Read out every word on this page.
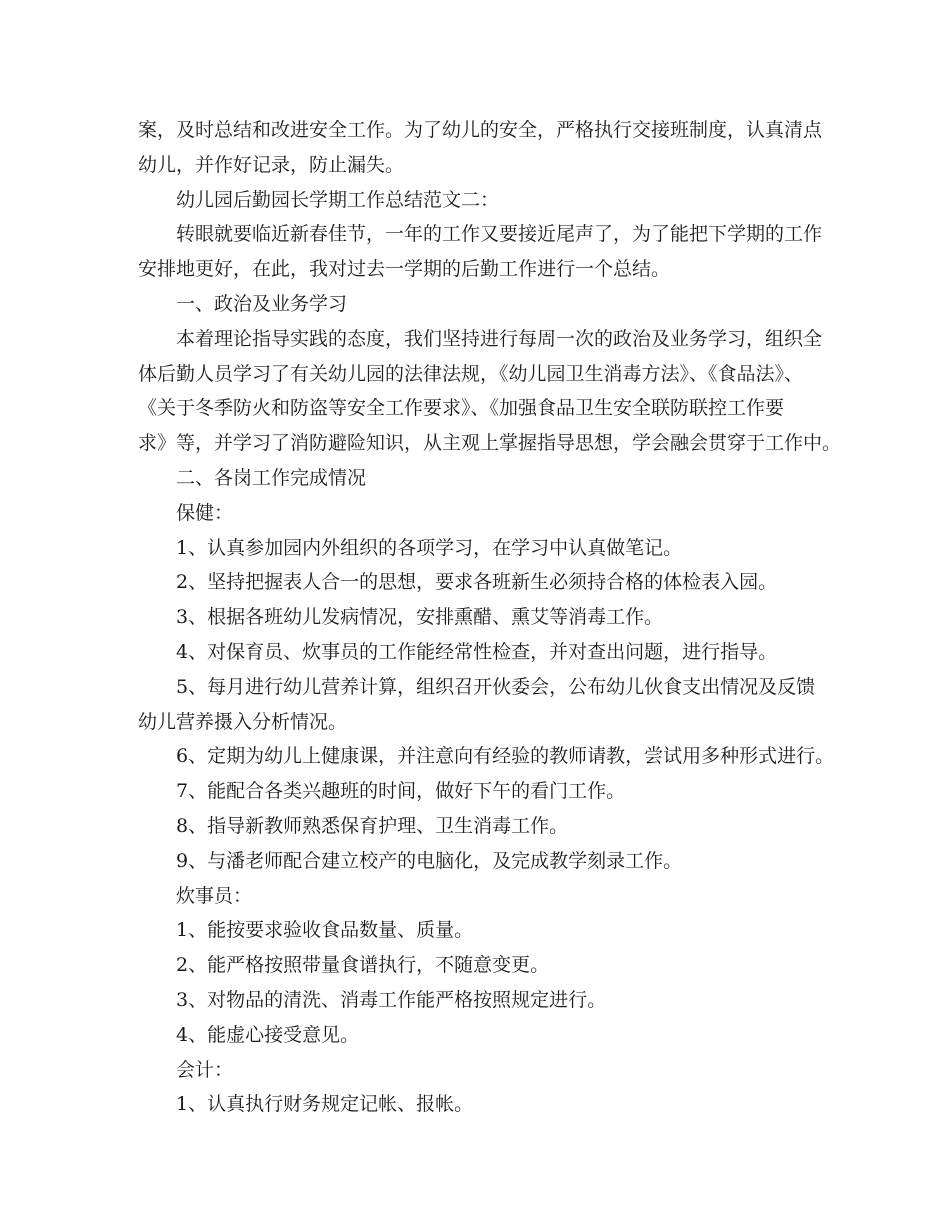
案，及时总结和改进安全工作。为了幼儿的安全，严格执行交接班制度，认真清点

幼儿，并作好记录，防止漏失。

幼儿园后勤园长学期工作总结范文二：

转眼就要临近新春佳节，一年的工作又要接近尾声了，为了能把下学期的工作

安排地更好，在此，我对过去一学期的后勤工作进行一个总结。

一、政治及业务学习

本着理论指导实践的态度，我们坚持进行每周一次的政治及业务学习，组织全

体后勤人员学习了有关幼儿园的法律法规，《幼儿园卫生消毒方法》、《食品法》、

《关于冬季防火和防盗等安全工作要求》、《加强食品卫生安全联防联控工作要

求》等，并学习了消防避险知识，从主观上掌握指导思想，学会融会贯穿于工作中。

二、各岗工作完成情况

保健：

1、认真参加园内外组织的各项学习，在学习中认真做笔记。

2、坚持把握表人合一的思想，要求各班新生必须持合格的体检表入园。

3、根据各班幼儿发病情况，安排熏醋、熏艾等消毒工作。

4、对保育员、炊事员的工作能经常性检查，并对查出问题，进行指导。

5、每月进行幼儿营养计算，组织召开伙委会，公布幼儿伙食支出情况及反馈

幼儿营养摄入分析情况。

6、定期为幼儿上健康课，并注意向有经验的教师请教，尝试用多种形式进行。

7、能配合各类兴趣班的时间，做好下午的看门工作。

8、指导新教师熟悉保育护理、卫生消毒工作。

9、与潘老师配合建立校产的电脑化，及完成教学刻录工作。

炊事员：

1、能按要求验收食品数量、质量。

2、能严格按照带量食谱执行，不随意变更。

3、对物品的清洗、消毒工作能严格按照规定进行。

4、能虚心接受意见。

会计：

1、认真执行财务规定记帐、报帐。
